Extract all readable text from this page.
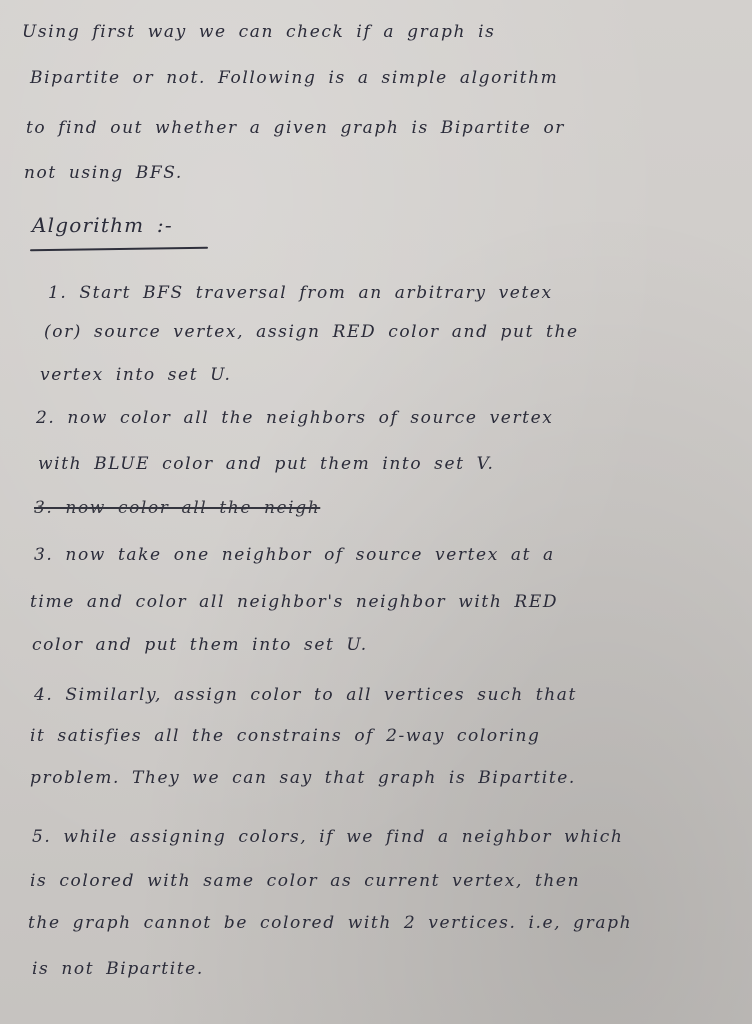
Using first way we can check if a graph is
Bipartite or not. Following is a simple algorithm
to find out whether a given graph is Bipartite or
not using BFS.
Algorithm :-
1. Start BFS traversal from an arbitrary vetex
(or) source vertex, assign RED color and put the
vertex into set U.
2. now color all the neighbors of source vertex
with BLUE color and put them into set V.
3. now color all the neigh
3. now take one neighbor of source vertex at a
time and color all neighbor's neighbor with RED
color and put them into set U.
4. Similarly, assign color to all vertices such that
it satisfies all the constrains of 2-way coloring
problem. They we can say that graph is Bipartite.
5. while assigning colors, if we find a neighbor which
is colored with same color as current vertex, then
the graph cannot be colored with 2 vertices. i.e, graph
is not Bipartite.
